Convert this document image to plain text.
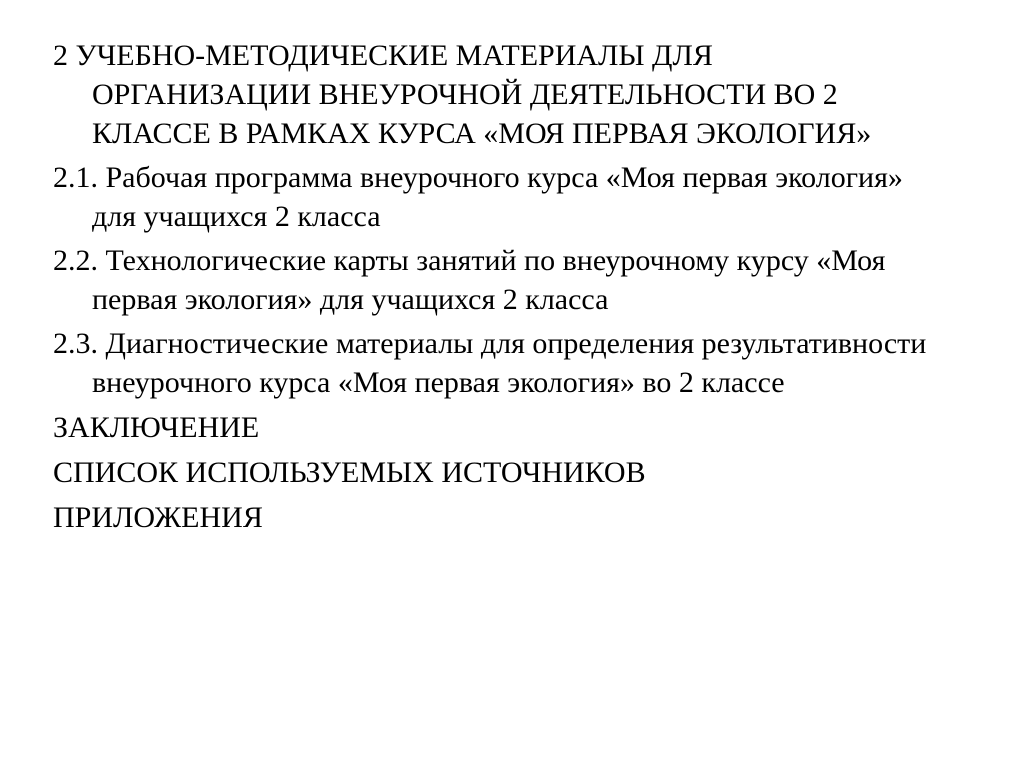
2 УЧЕБНО-МЕТОДИЧЕСКИЕ МАТЕРИАЛЫ ДЛЯ ОРГАНИЗАЦИИ ВНЕУРОЧНОЙ ДЕЯТЕЛЬНОСТИ ВО 2 КЛАССЕ В РАМКАХ КУРСА «МОЯ ПЕРВАЯ ЭКОЛОГИЯ»
2.1. Рабочая программа внеурочного курса «Моя первая экология» для учащихся 2 класса
2.2. Технологические карты занятий по внеурочному курсу «Моя первая экология» для учащихся 2 класса
2.3. Диагностические материалы для определения результативности внеурочного курса «Моя первая экология» во 2 классе
ЗАКЛЮЧЕНИЕ
СПИСОК ИСПОЛЬЗУЕМЫХ ИСТОЧНИКОВ
ПРИЛОЖЕНИЯ
